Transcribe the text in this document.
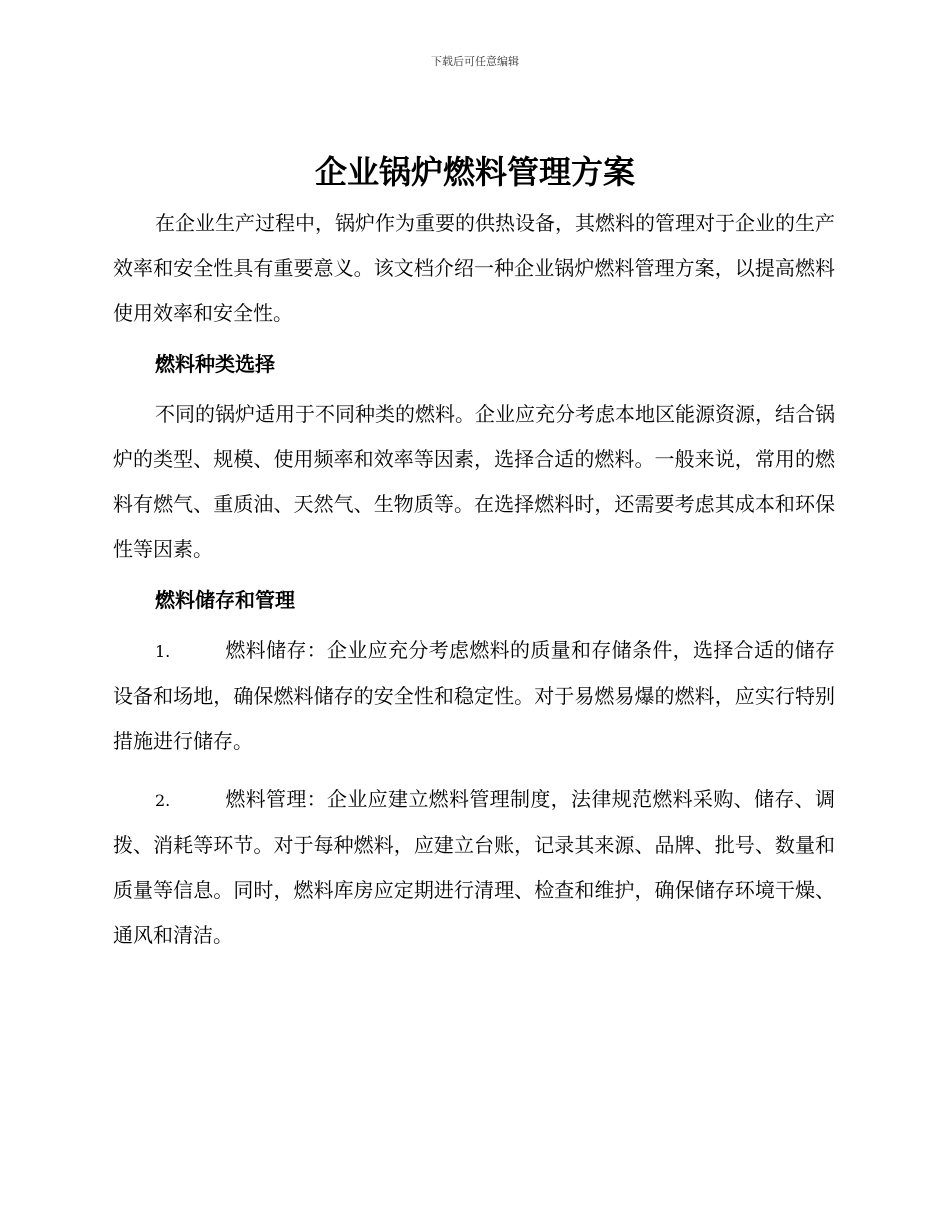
下载后可任意编辑
企业锅炉燃料管理方案

在企业生产过程中，锅炉作为重要的供热设备，其燃料的管理对于企业的生产效率和安全性具有重要意义。该文档介绍一种企业锅炉燃料管理方案，以提高燃料使用效率和安全性。

燃料种类选择

不同的锅炉适用于不同种类的燃料。企业应充分考虑本地区能源资源，结合锅炉的类型、规模、使用频率和效率等因素，选择合适的燃料。一般来说，常用的燃料有燃气、重质油、天然气、生物质等。在选择燃料时，还需要考虑其成本和环保性等因素。

燃料储存和管理

1.	燃料储存：企业应充分考虑燃料的质量和存储条件，选择合适的储存设备和场地，确保燃料储存的安全性和稳定性。对于易燃易爆的燃料，应实行特别措施进行储存。

2.	燃料管理：企业应建立燃料管理制度，法律规范燃料采购、储存、调拨、消耗等环节。对于每种燃料，应建立台账，记录其来源、品牌、批号、数量和质量等信息。同时，燃料库房应定期进行清理、检查和维护，确保储存环境干燥、通风和清洁。
